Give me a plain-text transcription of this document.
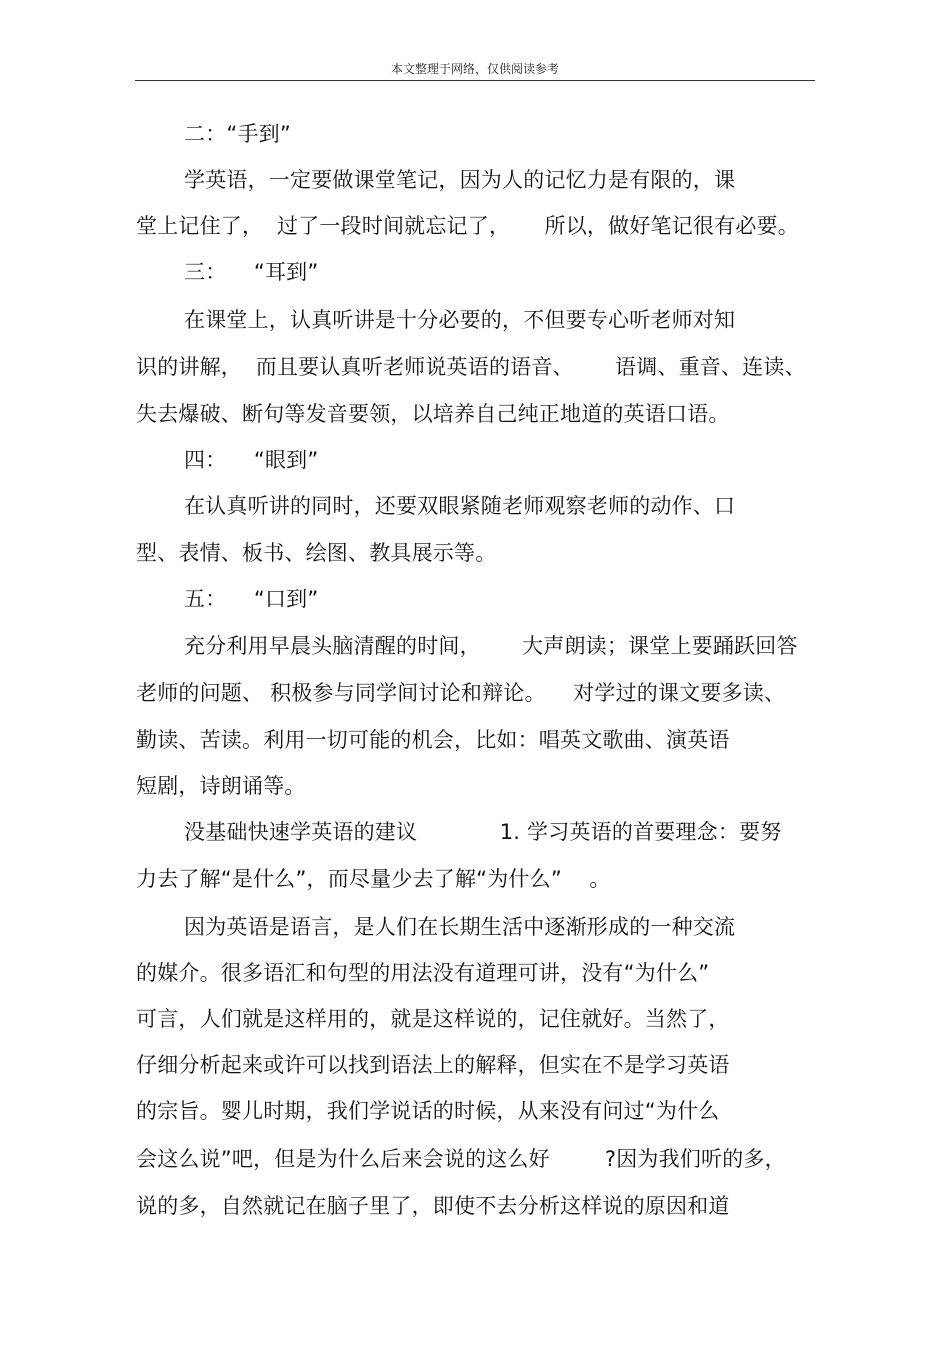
本文整理于网络，仅供阅读参考
二：“手到”
学英语，一定要做课堂笔记，因为人的记忆力是有限的，课
堂上记住了，  过了一段时间就忘记了，     所以，做好笔记很有必要。
三：    “耳到”
在课堂上，认真听讲是十分必要的，不但要专心听老师对知
识的讲解，  而且要认真听老师说英语的语音、      语调、重音、连读、
失去爆破、断句等发音要领，以培养自己纯正地道的英语口语。
四：    “眼到”
在认真听讲的同时，还要双眼紧随老师观察老师的动作、口
型、表情、板书、绘图、教具展示等。
五：    “口到”
充分利用早晨头脑清醒的时间，      大声朗读；课堂上要踊跃回答
老师的问题、 积极参与同学间讨论和辩论。    对学过的课文要多读、
勤读、苦读。利用一切可能的机会，比如：唱英文歌曲、演英语
短剧，诗朗诵等。
没基础快速学英语的建议            1. 学习英语的首要理念：要努
力去了解“是什么”，而尽量少去了解“为什么”    。
因为英语是语言，是人们在长期生活中逐渐形成的一种交流
的媒介。很多语汇和句型的用法没有道理可讲，没有“为什么”
可言，人们就是这样用的，就是这样说的，记住就好。当然了，
仔细分析起来或许可以找到语法上的解释，但实在不是学习英语
的宗旨。婴儿时期，我们学说话的时候，从来没有问过“为什么
会这么说”吧，但是为什么后来会说的这么好        ?因为我们听的多，
说的多，自然就记在脑子里了，即使不去分析这样说的原因和道
